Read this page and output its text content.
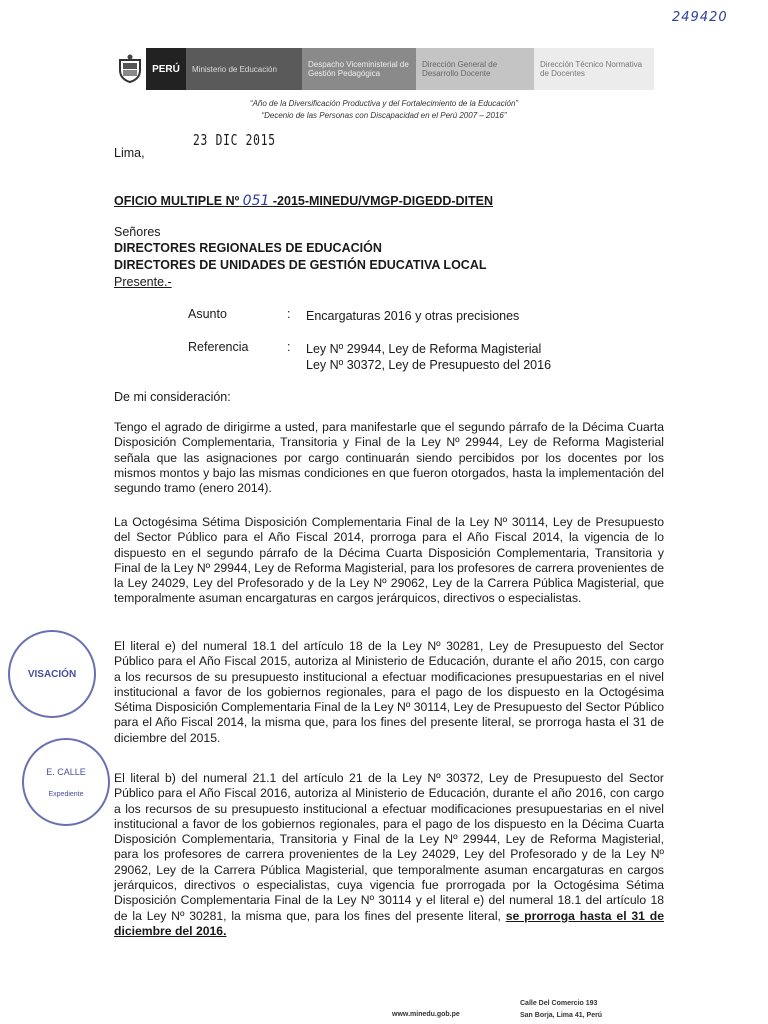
249420
PERÚ	Ministerio de Educación	Despacho Viceministerial de Gestión Pedagógica
Dirección General de Desarrollo Docente
Dirección Técnico Normativa de Docentes
“Año de la Diversificación Productiva y del Fortalecimiento de la Educación”
“Decenio de las Personas con Discapacidad en el Perú 2007 – 2016”
23 DIC 2015
Lima,
OFICIO MULTIPLE Nº 051 -2015-MINEDU/VMGP-DIGEDD-DITEN
Señores
DIRECTORES REGIONALES DE EDUCACIÓN
DIRECTORES DE UNIDADES DE GESTIÓN EDUCATIVA LOCAL
Presente.-
Asunto	: Encargaturas 2016 y otras precisiones
Referencia	: Ley Nº 29944, Ley de Reforma Magisterial
Ley Nº 30372, Ley de Presupuesto del 2016
De mi consideración:
Tengo el agrado de dirigirme a usted, para manifestarle que el segundo párrafo de la Décima Cuarta Disposición Complementaria, Transitoria y Final de la Ley Nº 29944, Ley de Reforma Magisterial señala que las asignaciones por cargo continuarán siendo percibidos por los docentes por los mismos montos y bajo las mismas condiciones en que fueron otorgados, hasta la implementación del segundo tramo (enero 2014).
La Octogésima Sétima Disposición Complementaria Final de la Ley Nº 30114, Ley de Presupuesto del Sector Público para el Año Fiscal 2014, prorroga para el Año Fiscal 2014, la vigencia de lo dispuesto en el segundo párrafo de la Décima Cuarta Disposición Complementaria, Transitoria y Final de la Ley Nº 29944, Ley de Reforma Magisterial, para los profesores de carrera provenientes de la Ley 24029, Ley del Profesorado y de la Ley Nº 29062, Ley de la Carrera Pública Magisterial, que temporalmente asuman encargaturas en cargos jerárquicos, directivos o especialistas.
El literal e) del numeral 18.1 del artículo 18 de la Ley Nº 30281, Ley de Presupuesto del Sector Público para el Año Fiscal 2015, autoriza al Ministerio de Educación, durante el año 2015, con cargo a los recursos de su presupuesto institucional a efectuar modificaciones presupuestarias en el nivel institucional a favor de los gobiernos regionales, para el pago de los dispuesto en la Octogésima Sétima Disposición Complementaria Final de la Ley Nº 30114, Ley de Presupuesto del Sector Público para el Año Fiscal 2014, la misma que, para los fines del presente literal, se prorroga hasta el 31 de diciembre del 2015.
El literal b) del numeral 21.1 del artículo 21 de la Ley Nº 30372, Ley de Presupuesto del Sector Público para el Año Fiscal 2016, autoriza al Ministerio de Educación, durante el año 2016, con cargo a los recursos de su presupuesto institucional a efectuar modificaciones presupuestarias en el nivel institucional a favor de los gobiernos regionales, para el pago de los dispuesto en la Décima Cuarta Disposición Complementaria, Transitoria y Final de la Ley Nº 29944, Ley de Reforma Magisterial, para los profesores de carrera provenientes de la Ley 24029, Ley del Profesorado y de la Ley Nº 29062, Ley de la Carrera Pública Magisterial, que temporalmente asuman encargaturas en cargos jerárquicos, directivos o especialistas, cuya vigencia fue prorrogada por la Octogésima Sétima Disposición Complementaria Final de la Ley Nº 30114 y el literal e) del numeral 18.1 del artículo 18 de la Ley Nº 30281, la misma que, para los fines del presente literal, se prorroga hasta el 31 de diciembre del 2016.
VISACIÓN
E. CALLE
Expediente
www.minedu.gob.pe
Calle Del Comercio 193
San Borja, Lima 41, Perú
